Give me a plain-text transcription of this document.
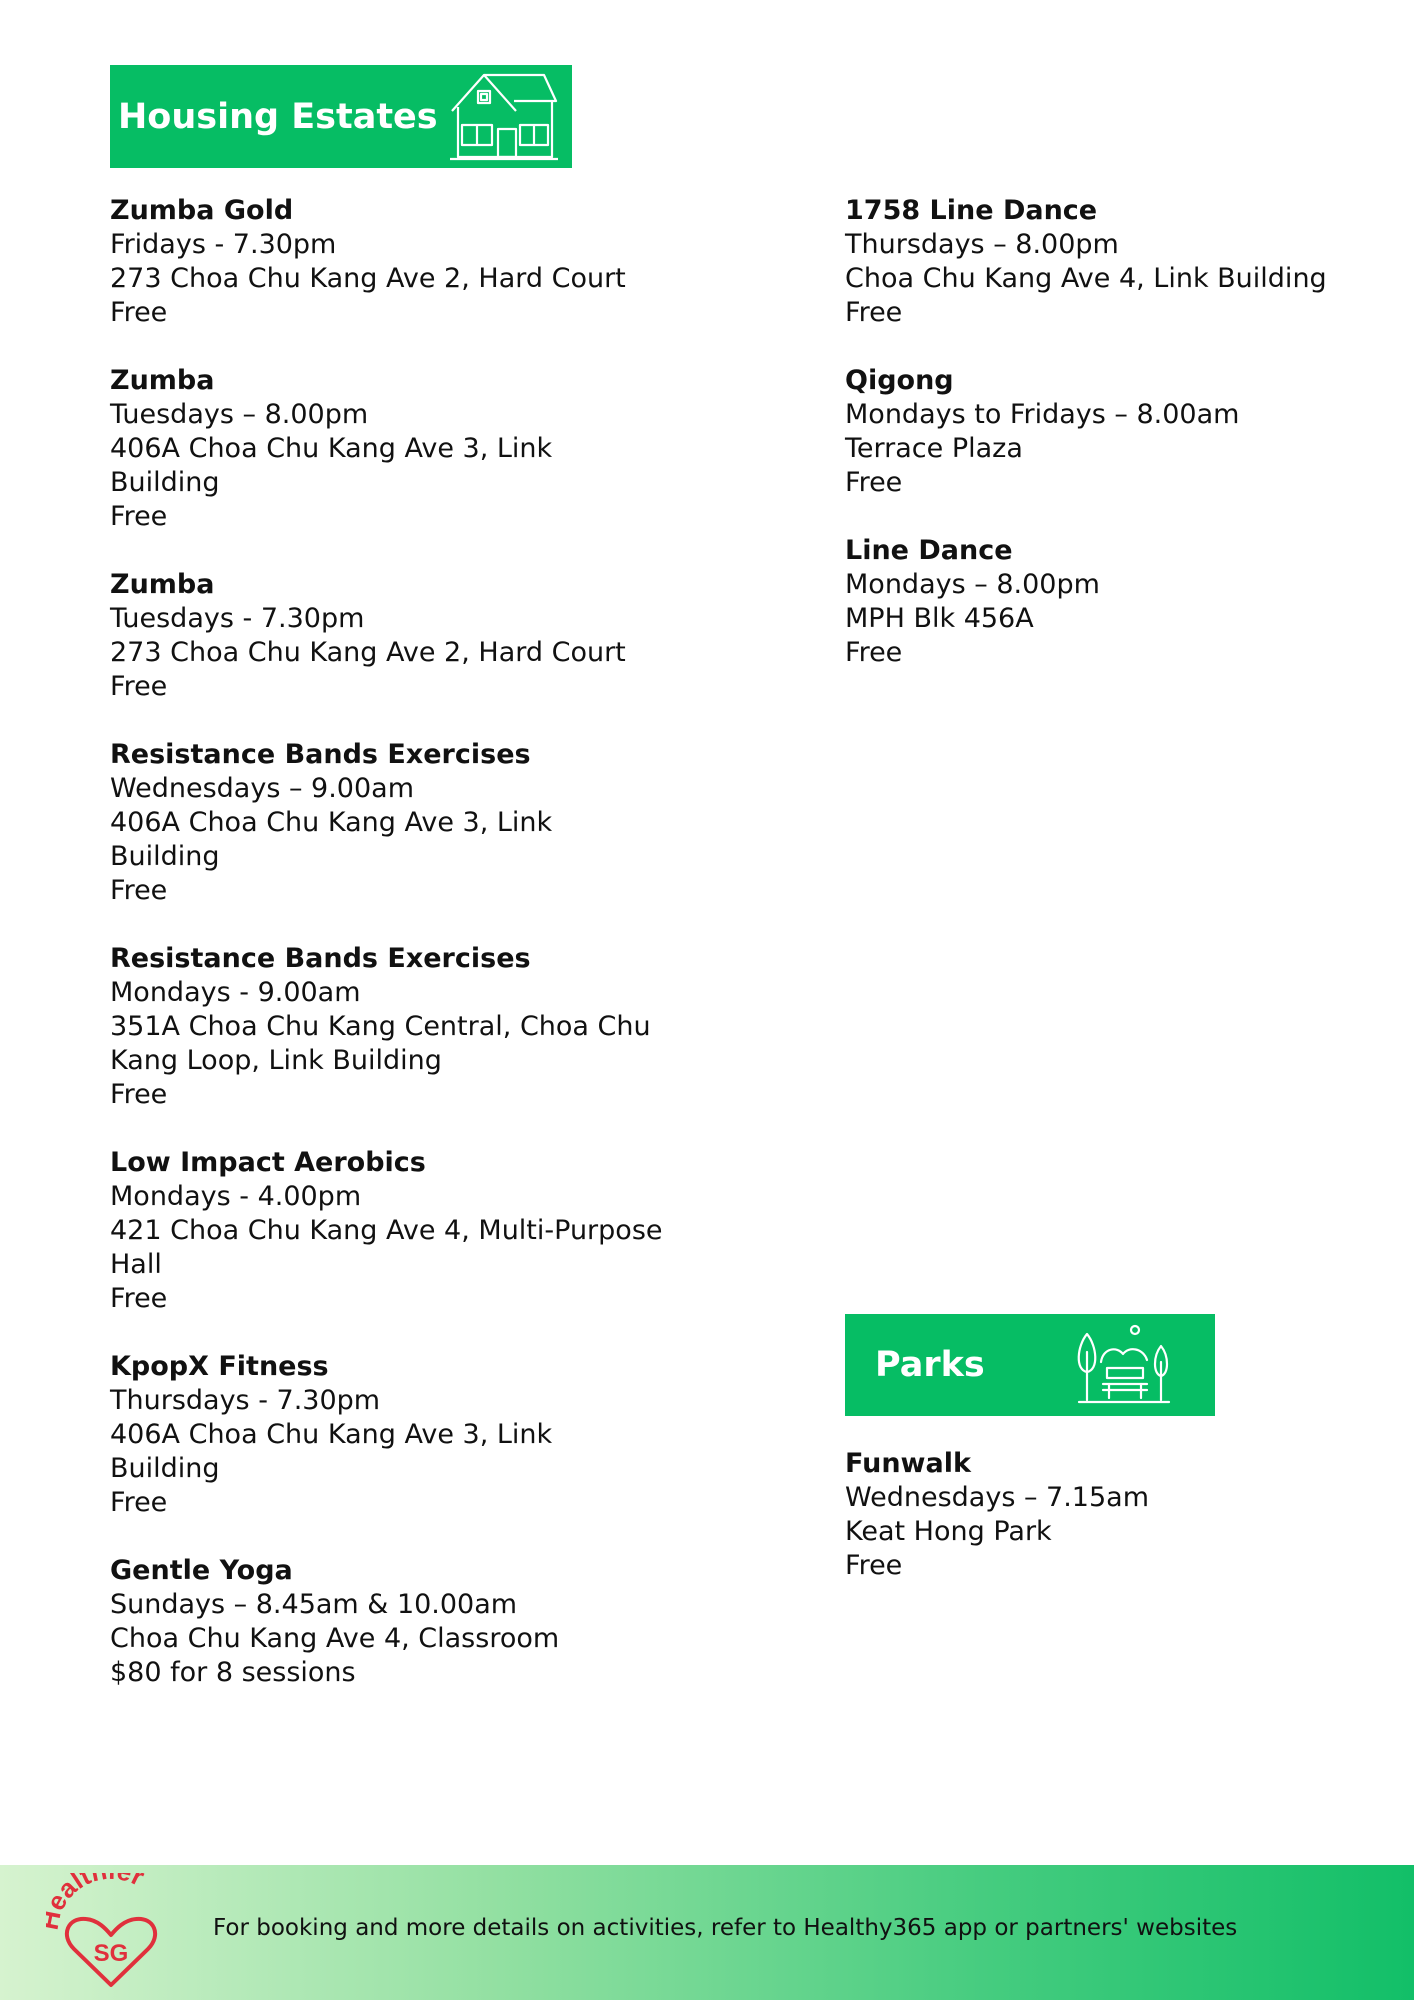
Housing Estates
Zumba Gold
Fridays - 7.30pm
273 Choa Chu Kang Ave 2, Hard Court
Free
Zumba
Tuesdays – 8.00pm
406A Choa Chu Kang Ave 3, Link Building
Free
Zumba
Tuesdays - 7.30pm
273 Choa Chu Kang Ave 2, Hard Court
Free
Resistance Bands Exercises
Wednesdays – 9.00am
406A Choa Chu Kang Ave 3, Link Building
Free
Resistance Bands Exercises
Mondays - 9.00am
351A Choa Chu Kang Central, Choa Chu Kang Loop, Link Building
Free
Low Impact Aerobics
Mondays - 4.00pm
421 Choa Chu Kang Ave 4, Multi-Purpose Hall
Free
KpopX Fitness
Thursdays - 7.30pm
406A Choa Chu Kang Ave 3, Link Building
Free
Gentle Yoga
Sundays – 8.45am & 10.00am
Choa Chu Kang Ave 4, Classroom
$80 for 8 sessions
1758 Line Dance
Thursdays – 8.00pm
Choa Chu Kang Ave 4, Link Building
Free
Qigong
Mondays to Fridays – 8.00am
Terrace Plaza
Free
Line Dance
Mondays – 8.00pm
MPH Blk 456A
Free
Parks
Funwalk
Wednesdays – 7.15am
Keat Hong Park
Free
alt r
SG
For booking and more details on activities, refer to Healthy365 app or partners' websites
